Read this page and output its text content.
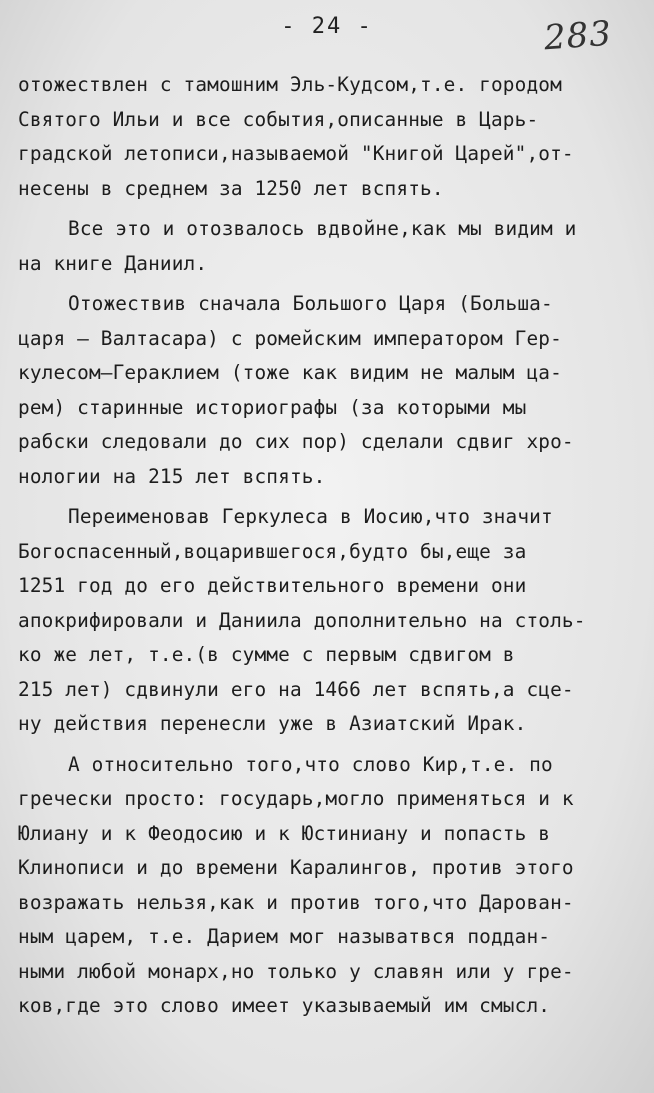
- 24 -	283
отожествлен с тамошним Эль-Кудсом,т.е. городом
Святого Ильи и все события,описанные в Царь-
градской летописи,называемой "Книгой Царей",от-
несены в среднем за 1250 лет вспять.
Все это и отозвалось вдвойне,как мы видим и
на книге Даниил.
Отожествив сначала Большого Царя (Больша-
царя – Валтасара) с ромейским императором Гер-
кулесом–Гераклием (тоже как видим не малым ца-
рем) старинные историографы (за которыми мы
рабски следовали до сих пор) сделали сдвиг хро-
нологии на 215 лет вспять.
Переименовав Геркулеса в Иосию,что значит
Богоспасенный,воцарившегося,будто бы,еще за
1251 год до его действительного времени они
апокрифировали и Даниила дополнительно на столь-
ко же лет, т.е.(в сумме с первым сдвигом в
215 лет) сдвинули его на 1466 лет вспять,а сце-
ну действия перенесли уже в Азиатский Ирак.
А относительно того,что слово Кир,т.е. по
гречески просто: государь,могло применяться и к
Юлиану и к Феодосию и к Юстиниану и попасть в
Клинописи и до времени Каралингов, против этого
возражать нельзя,как и против того,что Дарован-
ным царем, т.е. Дарием мог называтвся поддан-
ными любой монарх,но только у славян или у гре-
ков,где это слово имеет указываемый им смысл.
